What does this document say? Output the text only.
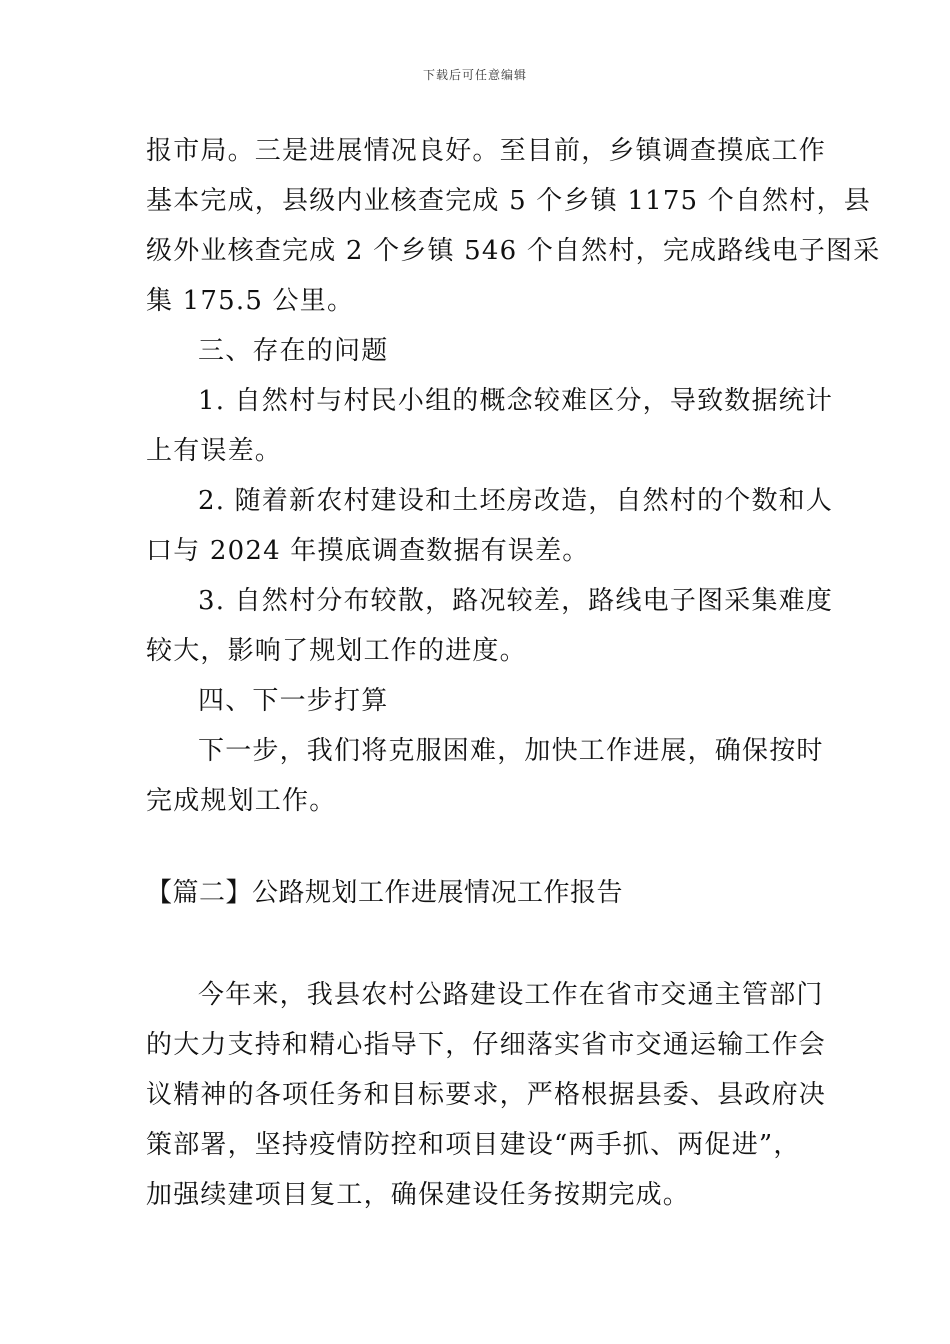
下载后可任意编辑
报市局。三是进展情况良好。至目前，乡镇调查摸底工作
基本完成，县级内业核查完成 5 个乡镇 1175 个自然村，县
级外业核查完成 2 个乡镇 546 个自然村，完成路线电子图采
集 175.5 公里。
三、存在的问题
1. 自然村与村民小组的概念较难区分，导致数据统计
上有误差。
2. 随着新农村建设和土坯房改造，自然村的个数和人
口与 2024 年摸底调查数据有误差。
3. 自然村分布较散，路况较差，路线电子图采集难度
较大，影响了规划工作的进度。
四、下一步打算
下一步，我们将克服困难，加快工作进展，确保按时
完成规划工作。
【篇二】公路规划工作进展情况工作报告
今年来，我县农村公路建设工作在省市交通主管部门
的大力支持和精心指导下，仔细落实省市交通运输工作会
议精神的各项任务和目标要求，严格根据县委、县政府决
策部署，坚持疫情防控和项目建设“两手抓、两促进”，
加强续建项目复工，确保建设任务按期完成。
